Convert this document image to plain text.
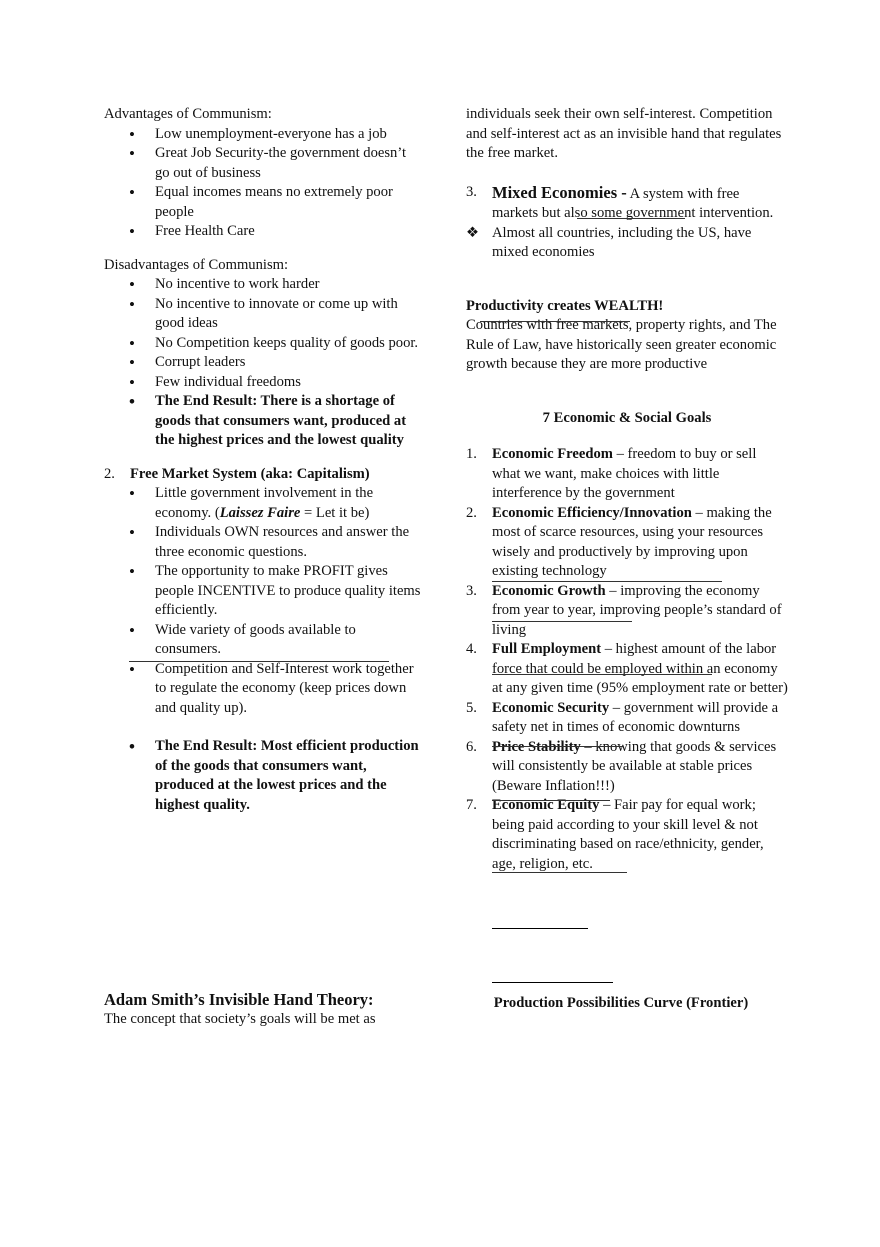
Advantages of Communism:

• Low unemployment-everyone has a job
• Great Job Security-the government doesn’t go out of business
• Equal incomes means no extremely poor people
• Free Health Care

Disadvantages of Communism:

• No incentive to work harder
• No incentive to innovate or come up with good ideas
• No Competition keeps quality of goods poor.
• Corrupt leaders
• Few individual freedoms
• The End Result: There is a shortage of goods that consumers want, produced at the highest prices and the lowest quality
2. Free Market System (aka: Capitalism)
• Little government involvement in the economy. (Laissez Faire = Let it be)
• Individuals OWN resources and answer the three economic questions.
• The opportunity to make PROFIT gives people INCENTIVE to produce quality items efficiently.
• Wide variety of goods available to consumers.
• Competition and Self-Interest work together to regulate the economy (keep prices down and quality up).
• The End Result: Most efficient production of the goods that consumers want, produced at the lowest prices and the highest quality.

Adam Smith’s Invisible Hand Theory:

The concept that society’s goals will be met as

individuals seek their own self-interest. Competition and self-interest act as an invisible hand that regulates the free market.

3. Mixed Economies - A system with free markets but also some government intervention.
❖ Almost all countries, including the US, have mixed economies

Productivity creates WEALTH!

Countries with free markets, property rights, and The Rule of Law, have historically seen greater economic growth because they are more productive

7 Economic & Social Goals

1. Economic Freedom – freedom to buy or sell what we want, make choices with little interference by the government
2. Economic Efficiency/Innovation – making the most of scarce resources, using your resources wisely and productively by improving upon existing technology
3. Economic Growth – improving the economy from year to year, improving people’s standard of living
4. Full Employment – highest amount of the labor force that could be employed within an economy at any given time (95% employment rate or better)
5. Economic Security – government will provide a safety net in times of economic downturns
6. Price Stability – knowing that goods & services will consistently be available at stable prices (Beware Inflation!!!)
7. Economic Equity – Fair pay for equal work; being paid according to your skill level & not discriminating based on race/ethnicity, gender, age, religion, etc.

Production Possibilities Curve (Frontier)
